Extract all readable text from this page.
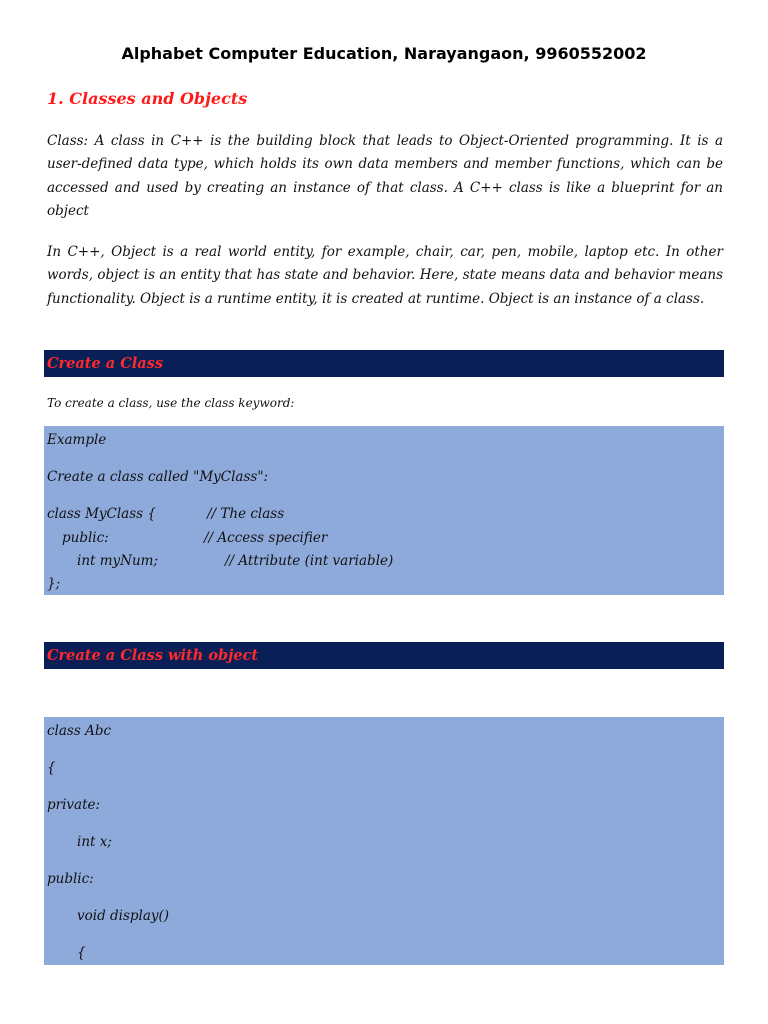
Alphabet Computer Education, Narayangaon, 9960552002
1. Classes and Objects
Class: A class in C++ is the building block that leads to Object-Oriented programming. It is a user-defined data type, which holds its own data members and member functions, which can be accessed and used by creating an instance of that class. A C++ class is like a blueprint for an object
In C++, Object is a real world entity, for example, chair, car, pen, mobile, laptop etc. In other words, object is an entity that has state and behavior. Here, state means data and behavior means functionality. Object is a runtime entity, it is created at runtime. Object is an instance of a class.
Create a Class
To create a class, use the class keyword:
Example
Create a class called "MyClass":
class MyClass {	// The class
public:	// Access specifier
int myNum;	// Attribute (int variable)
};
Create a Class with object
class Abc
{
private:
int x;
public:
void display()
{
